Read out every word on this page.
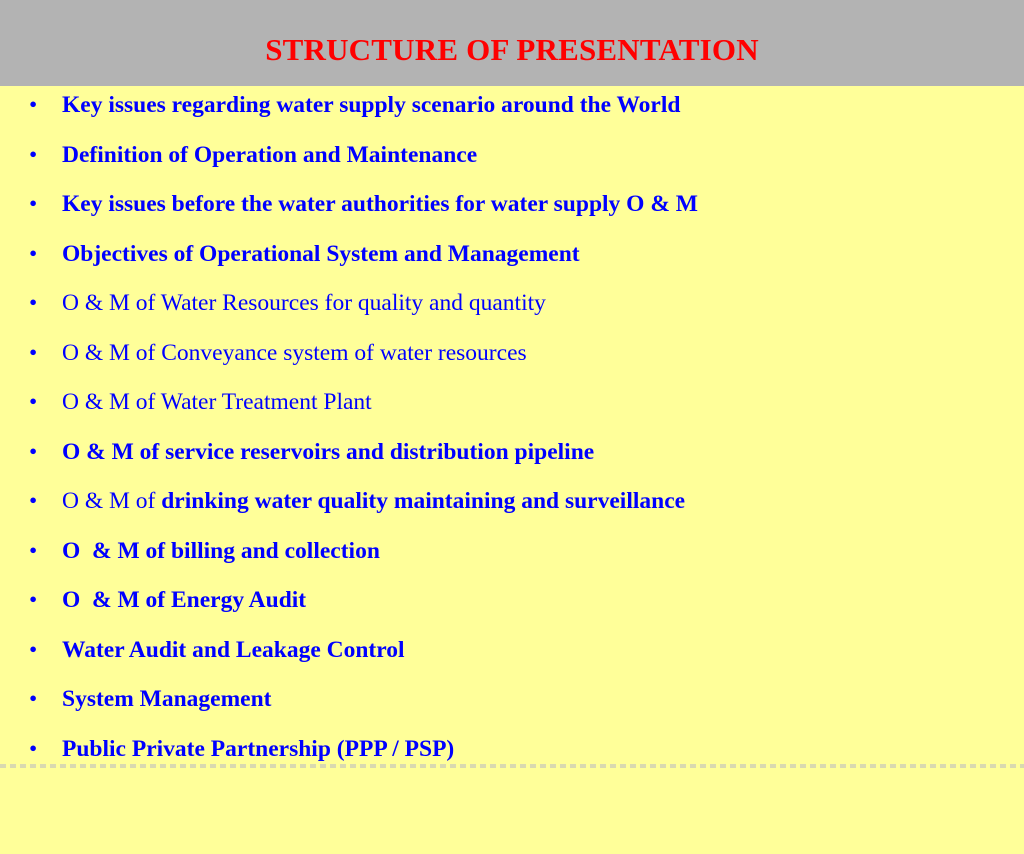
STRUCTURE OF PRESENTATION

•

Key issues regarding water supply scenario around the World

•

Definition of Operation and Maintenance

•

Key issues before the water authorities for water supply O & M

•

Objectives of Operational System and Management

•

O & M of Water Resources for quality and quantity

•

O & M of Conveyance system of water resources

•

O & M of Water Treatment Plant

•

O & M of service reservoirs and distribution pipeline

•

O & M of drinking water quality maintaining and surveillance

•

O  & M of billing and collection

•

O  & M of Energy Audit

•

Water Audit and Leakage Control

•

System Management

•

Public Private Partnership (PPP / PSP)
